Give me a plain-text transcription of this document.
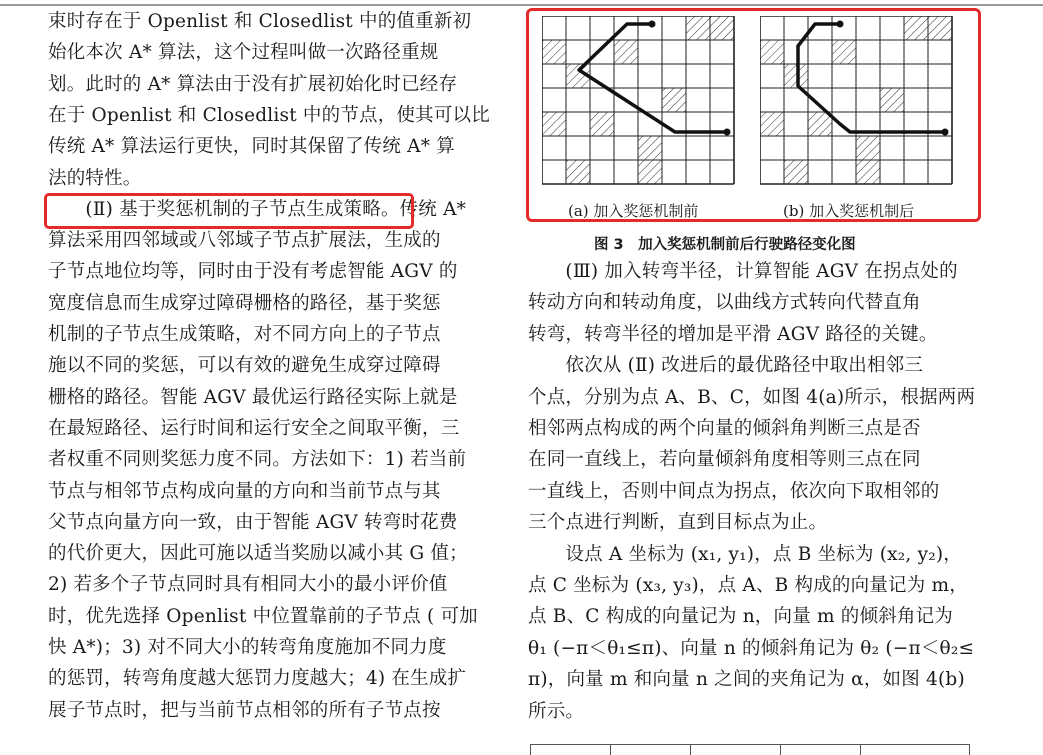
束时存在于 Openlist 和 Closedlist 中的值重新初
始化本次 A* 算法，这个过程叫做一次路径重规
划。此时的 A* 算法由于没有扩展初始化时已经存
在于 Openlist 和 Closedlist 中的节点，使其可以比
传统 A* 算法运行更快，同时其保留了传统 A* 算
法的特性。
　　(Ⅱ) 基于奖惩机制的子节点生成策略。传统 A*
算法采用四邻域或八邻域子节点扩展法，生成的
子节点地位均等，同时由于没有考虑智能 AGV 的
宽度信息而生成穿过障碍栅格的路径，基于奖惩
机制的子节点生成策略，对不同方向上的子节点
施以不同的奖惩，可以有效的避免生成穿过障碍
栅格的路径。智能 AGV 最优运行路径实际上就是
在最短路径、运行时间和运行安全之间取平衡，三
者权重不同则奖惩力度不同。方法如下：1) 若当前
节点与相邻节点构成向量的方向和当前节点与其
父节点向量方向一致，由于智能 AGV 转弯时花费
的代价更大，因此可施以适当奖励以减小其 G 值；
2) 若多个子节点同时具有相同大小的最小评价值
时，优先选择 Openlist 中位置靠前的子节点 ( 可加
快 A*)；3) 对不同大小的转弯角度施加不同力度
的惩罚，转弯角度越大惩罚力度越大；4) 在生成扩
展子节点时，把与当前节点相邻的所有子节点按
　　(Ⅲ) 加入转弯半径，计算智能 AGV 在拐点处的
转动方向和转动角度，以曲线方式转向代替直角
转弯，转弯半径的增加是平滑 AGV 路径的关键。
　　依次从 (Ⅱ) 改进后的最优路径中取出相邻三
个点，分别为点 A、B、C，如图 4(a)所示，根据两两
相邻两点构成的两个向量的倾斜角判断三点是否
在同一直线上，若向量倾斜角度相等则三点在同
一直线上，否则中间点为拐点，依次向下取相邻的
三个点进行判断，直到目标点为止。
　　设点 A 坐标为 (x₁, y₁)，点 B 坐标为 (x₂, y₂)，
点 C 坐标为 (x₃, y₃)，点 A、B 构成的向量记为 m，
点 B、C 构成的向量记为 n，向量 m 的倾斜角记为
θ₁ (−π＜θ₁≤π)、向量 n 的倾斜角记为 θ₂ (−π＜θ₂≤
π)，向量 m 和向量 n 之间的夹角记为 α，如图 4(b)
所示。
(a) 加入奖惩机制前	(b) 加入奖惩机制后
图 3　加入奖惩机制前后行驶路径变化图
